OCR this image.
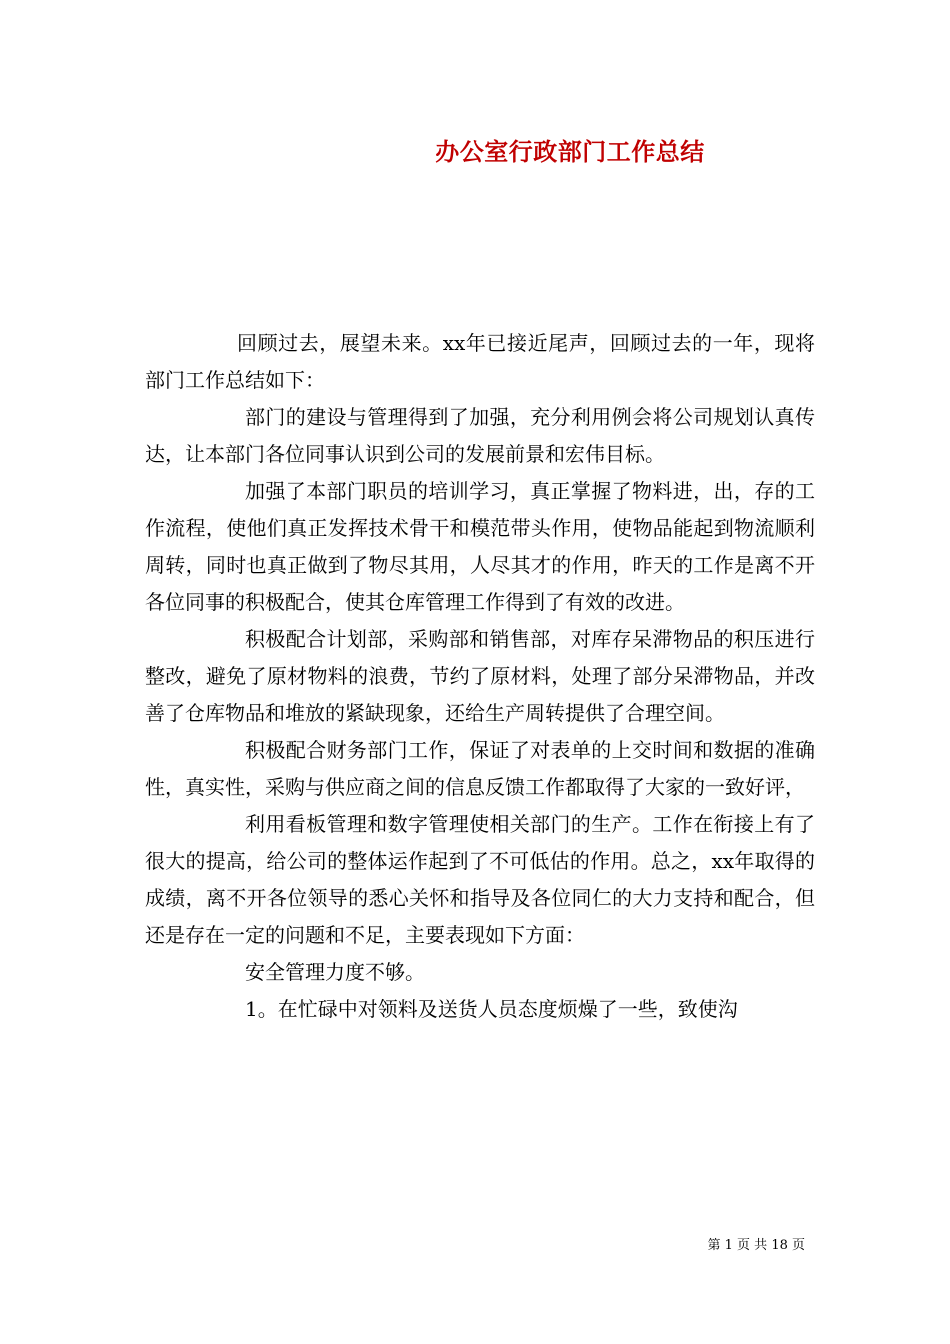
办公室行政部门工作总结

回顾过去，展望未来。xx年已接近尾声，回顾过去的一年，现将部门工作总结如下：

部门的建设与管理得到了加强，充分利用例会将公司规划认真传达，让本部门各位同事认识到公司的发展前景和宏伟目标。

加强了本部门职员的培训学习，真正掌握了物料进，出，存的工作流程，使他们真正发挥技术骨干和模范带头作用，使物品能起到物流顺利周转，同时也真正做到了物尽其用，人尽其才的作用，昨天的工作是离不开各位同事的积极配合，使其仓库管理工作得到了有效的改进。

积极配合计划部，采购部和销售部，对库存呆滞物品的积压进行整改，避免了原材物料的浪费，节约了原材料，处理了部分呆滞物品，并改善了仓库物品和堆放的紧缺现象，还给生产周转提供了合理空间。

积极配合财务部门工作，保证了对表单的上交时间和数据的准确性，真实性，采购与供应商之间的信息反馈工作都取得了大家的一致好评，

利用看板管理和数字管理使相关部门的生产。工作在衔接上有了很大的提高，给公司的整体运作起到了不可低估的作用。总之，xx年取得的成绩，离不开各位领导的悉心关怀和指导及各位同仁的大力支持和配合，但还是存在一定的问题和不足，主要表现如下方面：

安全管理力度不够。

1。在忙碌中对领料及送货人员态度烦燥了一些，致使沟

第 1 页 共 18 页
